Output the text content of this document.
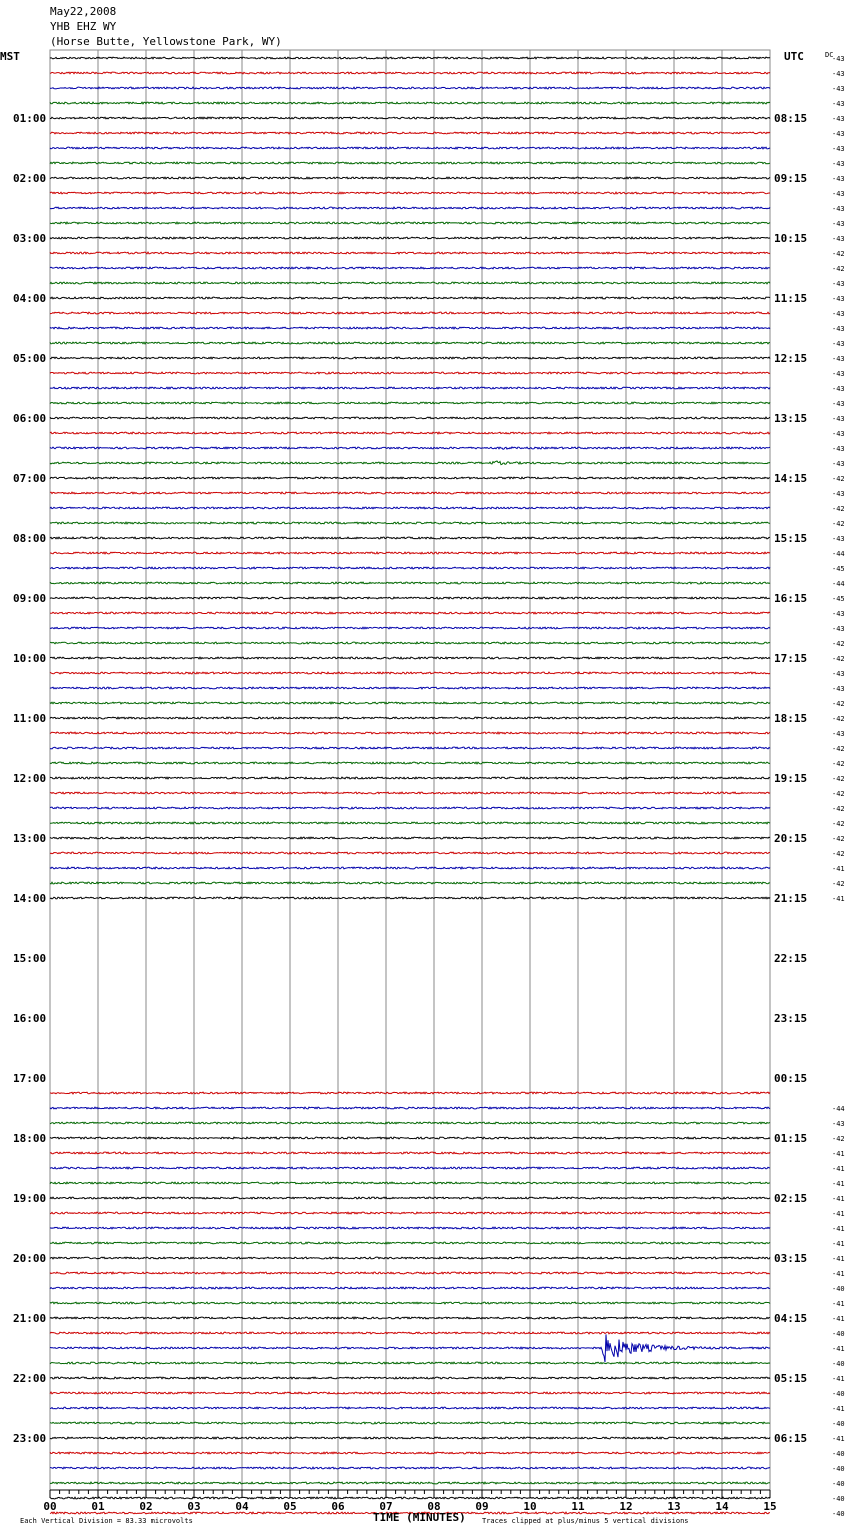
May22,2008
YHB EHZ WY
(Horse Butte, Yellowstone Park, WY)
MST	UTC	DC
TIME (MINUTES)
Each Vertical Division = 83.33 microvolts	Traces clipped at plus/minus 5 vertical divisions
00	01	02	03	04	05	06	07	08	09	10	11	12	13	14	15
01:00
02:00
03:00
04:00
05:00
06:00
07:00
08:00
09:00
10:00
11:00
12:00
13:00
14:00
15:00
16:00
17:00
18:00
19:00
20:00
21:00
22:00
23:00
08:15
09:15
10:15
11:15
12:15
13:15
14:15
15:15
16:15
17:15
18:15
19:15
20:15
21:15
22:15
23:15
00:15
01:15
02:15
03:15
04:15
05:15
06:15
-43
-43
-43
-43
-43
-43
-43
-43
-43
-43
-43
-43
-43
-42
-42
-43
-43
-43
-43
-43
-43
-43
-43
-43
-43
-43
-43
-43
-42
-43
-42
-42
-43
-44
-45
-44
-45
-43
-43
-42
-42
-43
-43
-42
-42
-43
-42
-42
-42
-42
-42
-42
-42
-42
-41
-42
-41
-44
-43
-42
-41
-41
-41
-41
-41
-41
-41
-41
-41
-40
-41
-41
-40
-41
-40
-41
-40
-41
-40
-41
-40
-40
-40
-40
-40
